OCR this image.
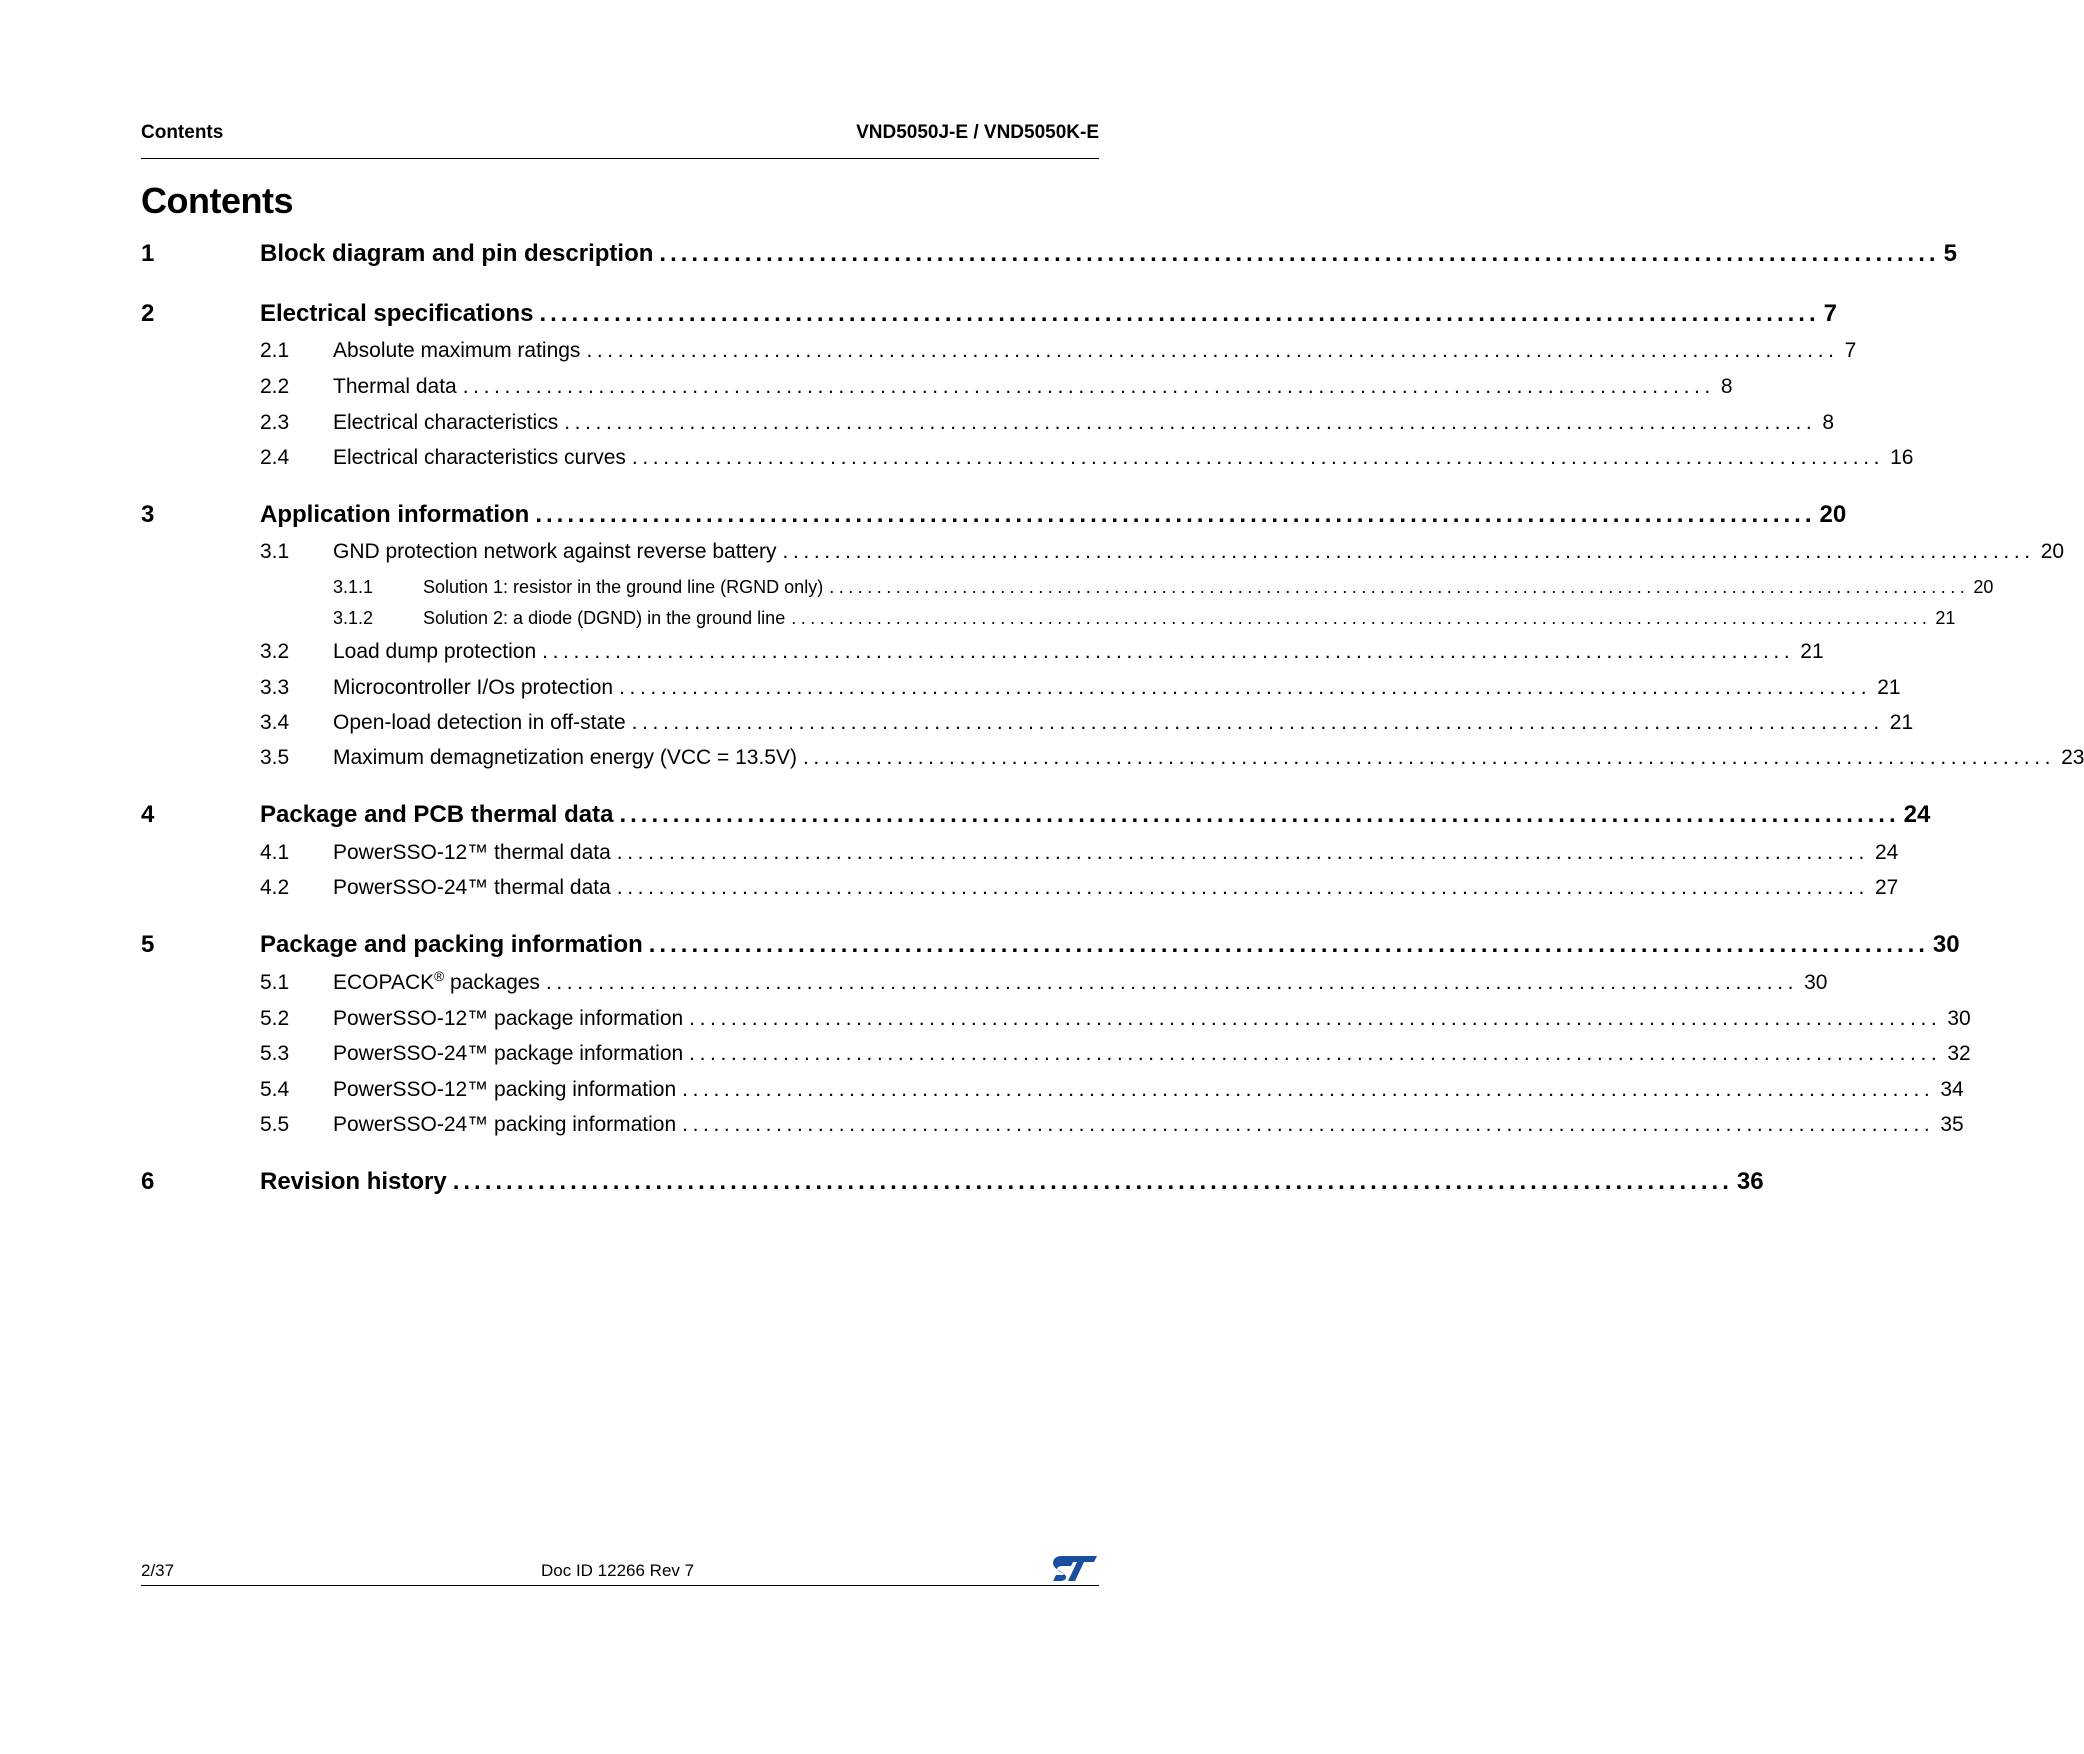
Contents	VND5050J-E / VND5050K-E
Contents
1	Block diagram and pin description ........................................................................................................................ 5
2	Electrical specifications ........................................................................................................................ 7
2.1	Absolute maximum ratings ........................................................................................................................ 7
2.2	Thermal data ........................................................................................................................ 8
2.3	Electrical characteristics ........................................................................................................................ 8
2.4	Electrical characteristics curves ........................................................................................................................ 16
3	Application information ........................................................................................................................ 20
3.1	GND protection network against reverse battery ........................................................................................................................ 20
3.1.1	Solution 1: resistor in the ground line (RGND only) ........................................................................................................................ 20
3.1.2	Solution 2: a diode (DGND) in the ground line ........................................................................................................................ 21
3.2	Load dump protection ........................................................................................................................ 21
3.3	Microcontroller I/Os protection ........................................................................................................................ 21
3.4	Open-load detection in off-state ........................................................................................................................ 21
3.5	Maximum demagnetization energy (VCC = 13.5V) ........................................................................................................................ 23
4	Package and PCB thermal data ........................................................................................................................ 24
4.1	PowerSSO-12™ thermal data ........................................................................................................................ 24
4.2	PowerSSO-24™ thermal data ........................................................................................................................ 27
5	Package and packing information ........................................................................................................................ 30
5.1	ECOPACK® packages ........................................................................................................................ 30
5.2	PowerSSO-12™ package information ........................................................................................................................ 30
5.3	PowerSSO-24™ package information ........................................................................................................................ 32
5.4	PowerSSO-12™ packing information ........................................................................................................................ 34
5.5	PowerSSO-24™ packing information ........................................................................................................................ 35
6	Revision history ........................................................................................................................ 36
2/37	Doc ID 12266 Rev 7
